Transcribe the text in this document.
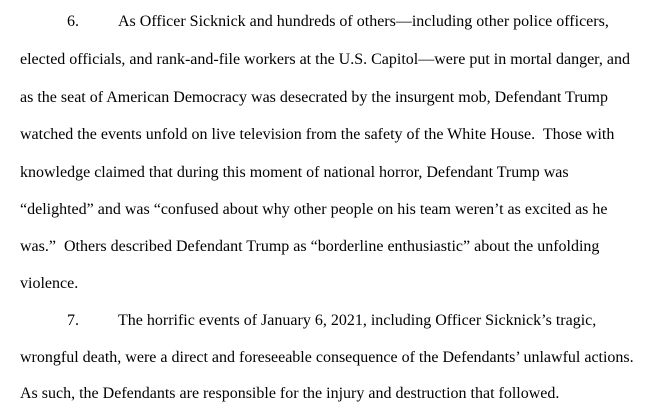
6. As Officer Sicknick and hundreds of others—including other police officers,

elected officials, and rank-and-file workers at the U.S. Capitol—were put in mortal danger, and

as the seat of American Democracy was desecrated by the insurgent mob, Defendant Trump

watched the events unfold on live television from the safety of the White House.  Those with

knowledge claimed that during this moment of national horror, Defendant Trump was

“delighted” and was “confused about why other people on his team weren’t as excited as he

was.”  Others described Defendant Trump as “borderline enthusiastic” about the unfolding

violence.

7. The horrific events of January 6, 2021, including Officer Sicknick’s tragic,

wrongful death, were a direct and foreseeable consequence of the Defendants’ unlawful actions.

As such, the Defendants are responsible for the injury and destruction that followed.
